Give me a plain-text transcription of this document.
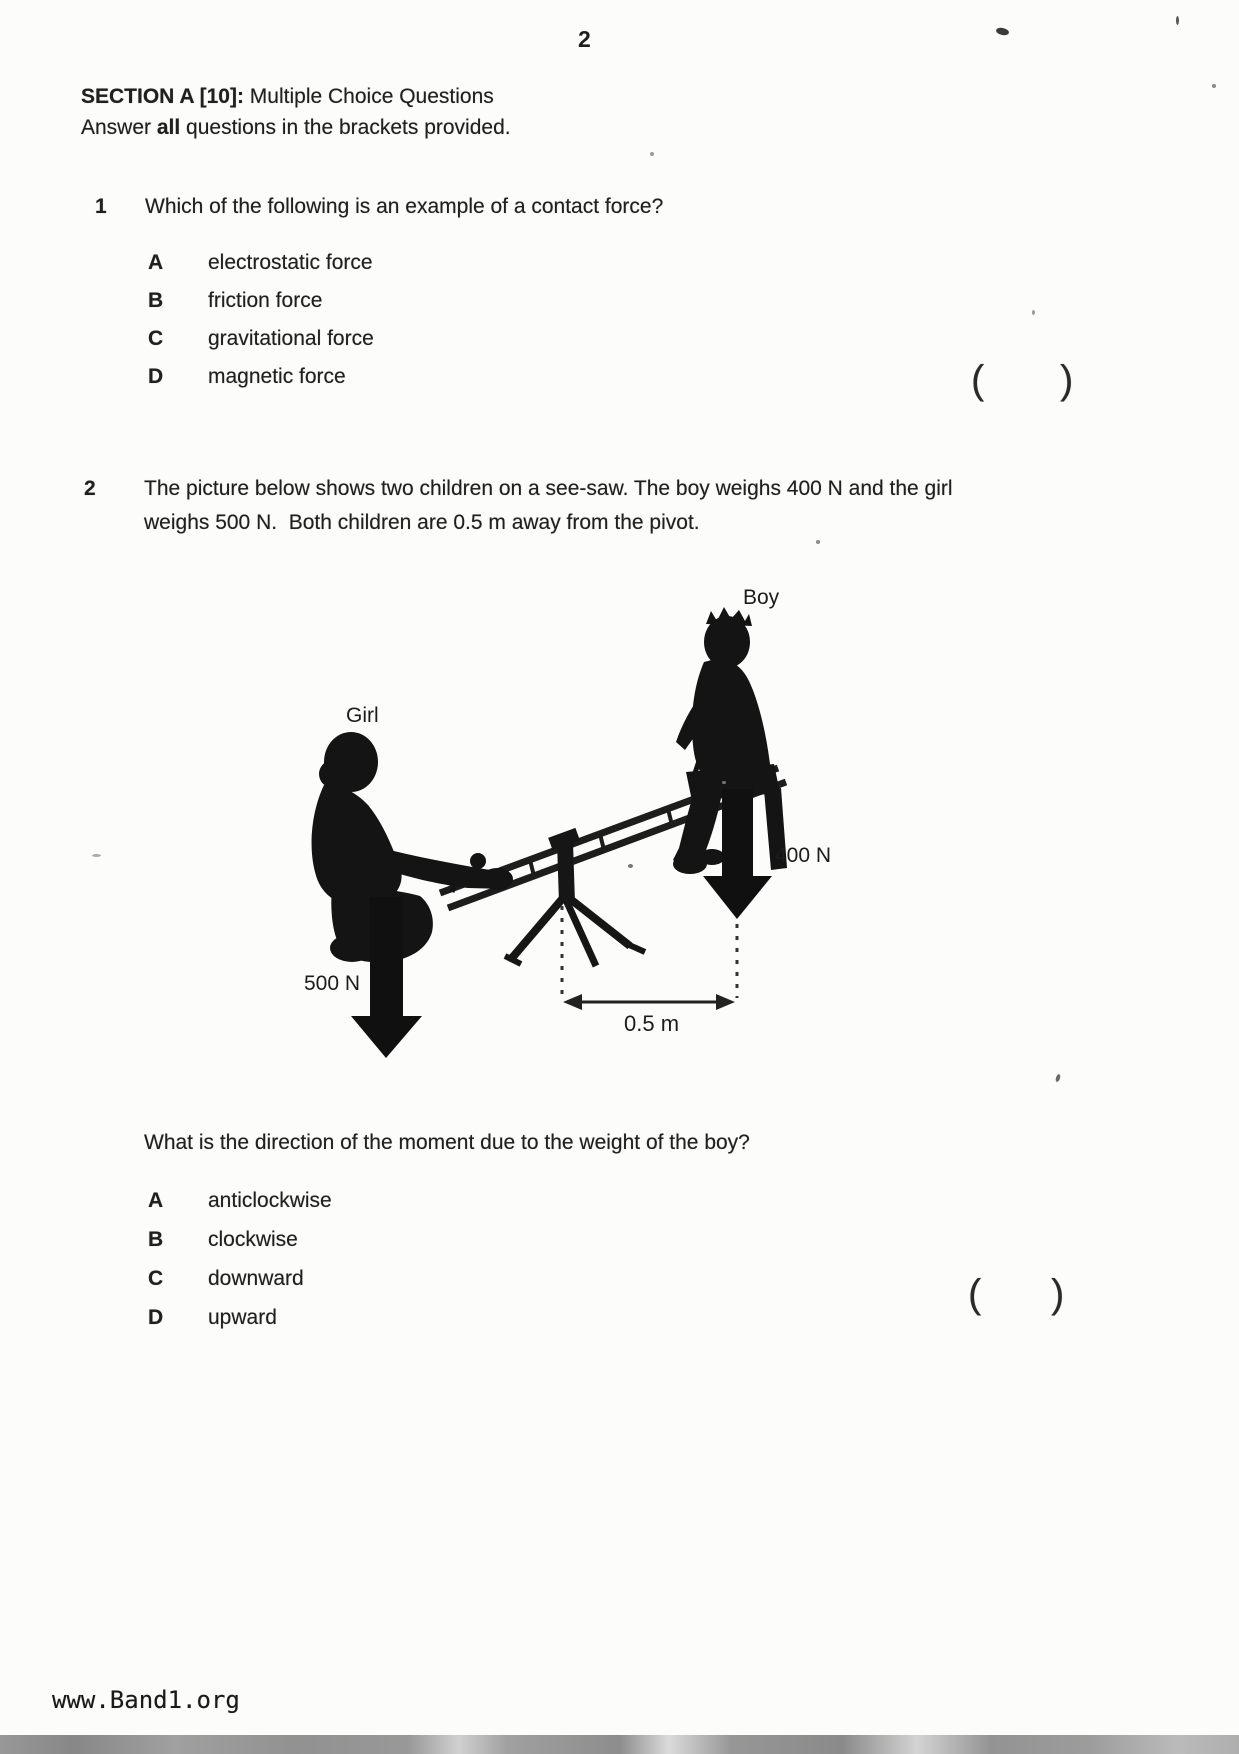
2
SECTION A [10]: Multiple Choice Questions
Answer all questions in the brackets provided.
1 Which of the following is an example of a contact force?
A	electrostatic force
B	friction force
C	gravitational force
D	magnetic force	( )
2 The picture below shows two children on a see-saw. The boy weighs 400 N and the girl
weighs 500 N.  Both children are 0.5 m away from the pivot.
Girl
Boy
400 N
500 N
0.5 m
What is the direction of the moment due to the weight of the boy?
A	anticlockwise
B	clockwise
C	downward
D	upward
( )
www.Band1.org
